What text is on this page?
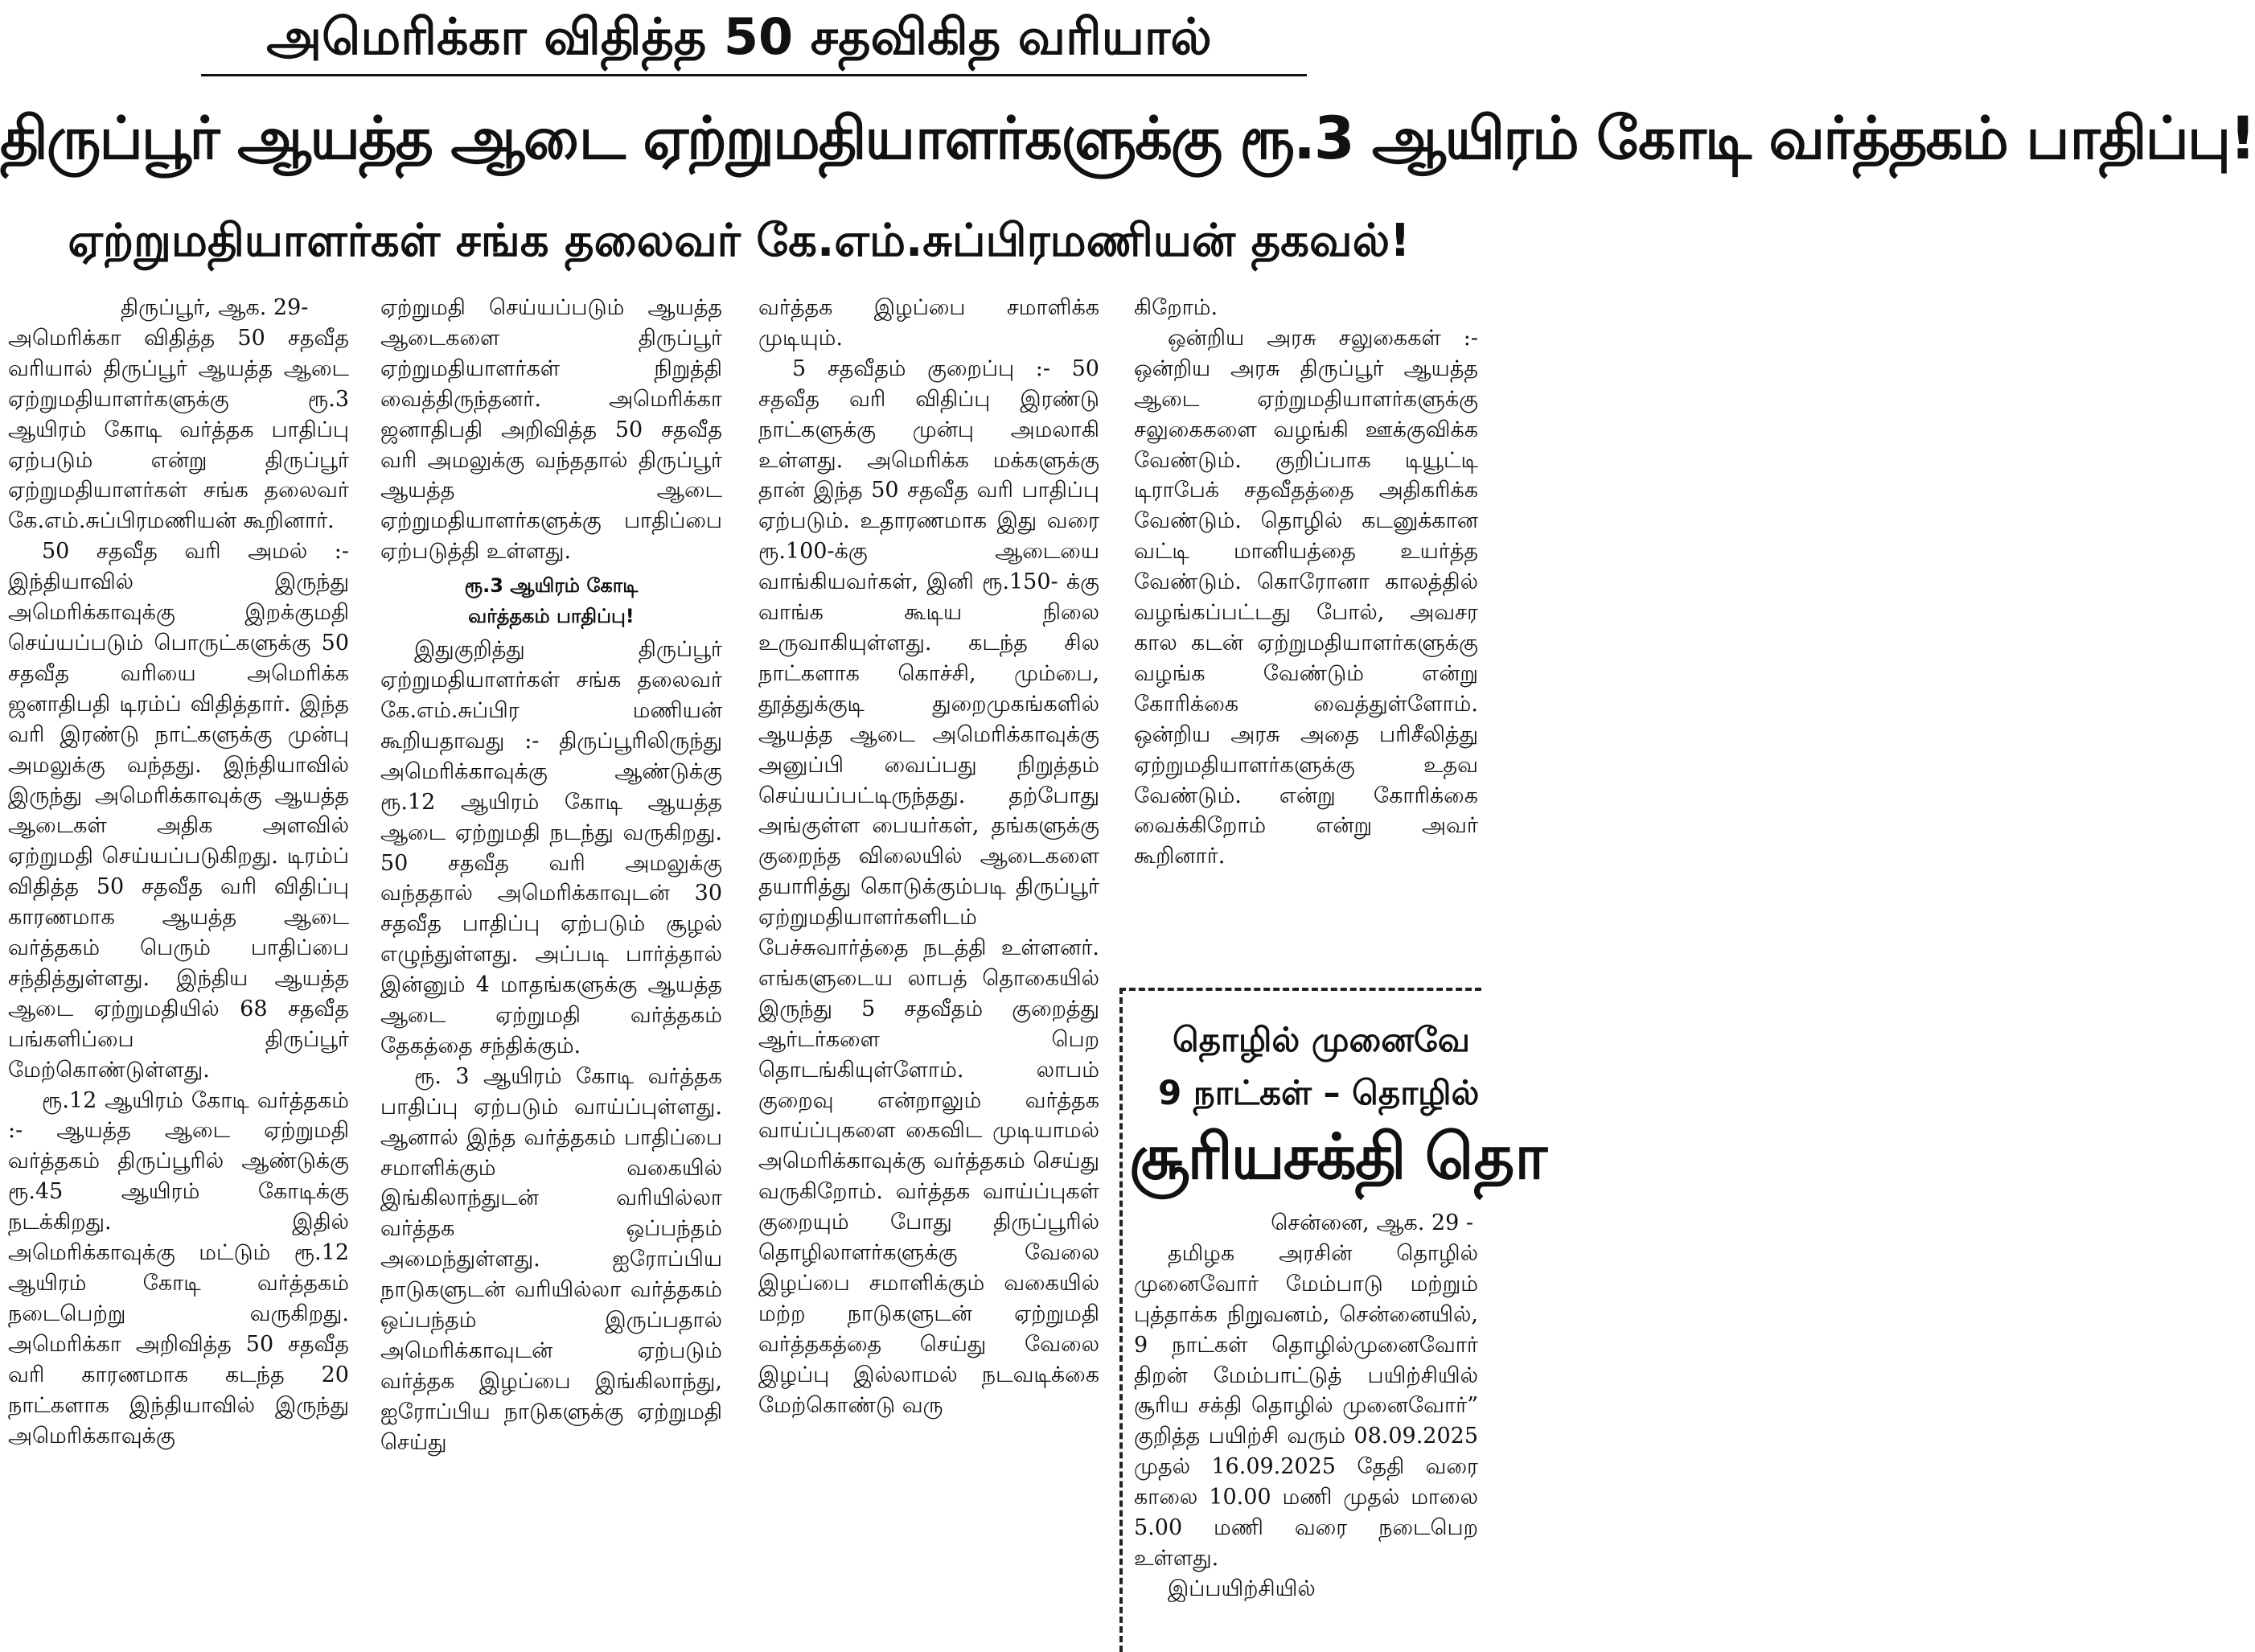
அமெரிக்கா விதித்த 50 சதவிகித வரியால்
திருப்பூர் ஆயத்த ஆடை ஏற்றுமதியாளர்களுக்கு ரூ.3 ஆயிரம் கோடி வர்த்தகம் பாதிப்பு!
ஏற்றுமதியாளர்கள் சங்க தலைவர் கே.எம்.சுப்பிரமணியன் தகவல்!

திருப்பூர், ஆக. 29-
அமெரிக்கா விதித்த 50 சதவீத வரியால் திருப்பூர் ஆயத்த ஆடை ஏற்றுமதியாளர்களுக்கு ரூ.3 ஆயிரம் கோடி வர்த்தக பாதிப்பு ஏற்படும் என்று திருப்பூர் ஏற்றுமதியாளர்கள் சங்க தலைவர் கே.எம்.சுப்பிரமணியன் கூறினார்.

50 சதவீத வரி அமல் :- இந்தியாவில் இருந்து அமெரிக்காவுக்கு இறக்குமதி செய்யப்படும் பொருட்களுக்கு 50 சதவீத வரியை அமெரிக்க ஜனாதிபதி டிரம்ப் விதித்தார். இந்த வரி இரண்டு நாட்களுக்கு முன்பு அமலுக்கு வந்தது. இந்தியாவில் இருந்து அமெரிக்காவுக்கு ஆயத்த ஆடைகள் அதிக அளவில் ஏற்றுமதி செய்யப்படுகிறது. டிரம்ப் விதித்த 50 சதவீத வரி விதிப்பு காரணமாக ஆயத்த ஆடை வர்த்தகம் பெரும் பாதிப்பை சந்தித்துள்ளது. இந்திய ஆயத்த ஆடை ஏற்றுமதியில் 68 சதவீத பங்களிப்பை திருப்பூர் மேற்கொண்டுள்ளது.

ரூ.12 ஆயிரம் கோடி வர்த்தகம் :- ஆயத்த ஆடை ஏற்றுமதி வர்த்தகம் திருப்பூரில் ஆண்டுக்கு ரூ.45 ஆயிரம் கோடிக்கு நடக்கிறது. இதில் அமெரிக்காவுக்கு மட்டும் ரூ.12 ஆயிரம் கோடி வர்த்தகம் நடைபெற்று வருகிறது. அமெரிக்கா அறிவித்த 50 சதவீத வரி காரணமாக கடந்த 20 நாட்களாக இந்தியாவில் இருந்து அமெரிக்காவுக்கு

ஏற்றுமதி செய்யப்படும் ஆயத்த ஆடைகளை திருப்பூர் ஏற்றுமதியாளர்கள் நிறுத்தி வைத்திருந்தனர். அமெரிக்கா ஜனாதிபதி அறிவித்த 50 சதவீத வரி அமலுக்கு வந்ததால் திருப்பூர் ஆயத்த ஆடை ஏற்றுமதியாளர்களுக்கு பாதிப்பை ஏற்படுத்தி உள்ளது.

ரூ.3 ஆயிரம் கோடி
வர்த்தகம் பாதிப்பு!

இதுகுறித்து திருப்பூர் ஏற்றுமதியாளர்கள் சங்க தலைவர் கே.எம்.சுப்பிர மணியன் கூறியதாவது :- திருப்பூரிலிருந்து அமெரிக்காவுக்கு ஆண்டுக்கு ரூ.12 ஆயிரம் கோடி ஆயத்த ஆடை ஏற்றுமதி நடந்து வருகிறது. 50 சதவீத வரி அமலுக்கு வந்ததால் அமெரிக்காவுடன் 30 சதவீத பாதிப்பு ஏற்படும் சூழல் எழுந்துள்ளது. அப்படி பார்த்தால் இன்னும் 4 மாதங்களுக்கு ஆயத்த ஆடை ஏற்றுமதி வர்த்தகம் தேகத்தை சந்திக்கும்.

ரூ. 3 ஆயிரம் கோடி வர்த்தக பாதிப்பு ஏற்படும் வாய்ப்புள்ளது. ஆனால் இந்த வர்த்தகம் பாதிப்பை சமாளிக்கும் வகையில் இங்கிலாந்துடன் வரியில்லா வர்த்தக ஒப்பந்தம் அமைந்துள்ளது. ஐரோப்பிய நாடுகளுடன் வரியில்லா வர்த்தகம் ஒப்பந்தம் இருப்பதால் அமெரிக்காவுடன் ஏற்படும் வர்த்தக இழப்பை இங்கிலாந்து, ஐரோப்பிய நாடுகளுக்கு ஏற்றுமதி செய்து

வர்த்தக இழப்பை சமாளிக்க முடியும்.

5 சதவீதம் குறைப்பு :- 50 சதவீத வரி விதிப்பு இரண்டு நாட்களுக்கு முன்பு அமலாகி உள்ளது. அமெரிக்க மக்களுக்கு தான் இந்த 50 சதவீத வரி பாதிப்பு ஏற்படும். உதாரணமாக இது வரை ரூ.100-க்கு ஆடையை வாங்கியவர்கள், இனி ரூ.150- க்கு வாங்க கூடிய நிலை உருவாகியுள்ளது. கடந்த சில நாட்களாக கொச்சி, மும்பை, தூத்துக்குடி துறைமுகங்களில் ஆயத்த ஆடை அமெரிக்காவுக்கு அனுப்பி வைப்பது நிறுத்தம் செய்யப்பட்டிருந்தது. தற்போது அங்குள்ள பையர்கள், தங்களுக்கு குறைந்த விலையில் ஆடைகளை தயாரித்து கொடுக்கும்படி திருப்பூர் ஏற்றுமதியாளர்களிடம் பேச்சுவார்த்தை நடத்தி உள்ளனர். எங்களுடைய லாபத் தொகையில் இருந்து 5 சதவீதம் குறைத்து ஆர்டர்களை பெற தொடங்கியுள்ளோம். லாபம் குறைவு என்றாலும் வர்த்தக வாய்ப்புகளை கைவிட முடியாமல் அமெரிக்காவுக்கு வர்த்தகம் செய்து வருகிறோம். வர்த்தக வாய்ப்புகள் குறையும் போது திருப்பூரில் தொழிலாளர்களுக்கு வேலை இழப்பை சமாளிக்கும் வகையில் மற்ற நாடுகளுடன் ஏற்றுமதி வர்த்தகத்தை செய்து வேலை இழப்பு இல்லாமல் நடவடிக்கை மேற்கொண்டு வரு

கிறோம்.

ஒன்றிய அரசு சலுகைகள் :- ஒன்றிய அரசு திருப்பூர் ஆயத்த ஆடை ஏற்றுமதியாளர்களுக்கு சலுகைகளை வழங்கி ஊக்குவிக்க வேண்டும். குறிப்பாக டியூட்டி டிராபேக் சதவீதத்தை அதிகரிக்க வேண்டும். தொழில் கடனுக்கான வட்டி மானியத்தை உயர்த்த வேண்டும். கொரோனா காலத்தில் வழங்கப்பட்டது போல், அவசர கால கடன் ஏற்றுமதியாளர்களுக்கு வழங்க வேண்டும் என்று கோரிக்கை வைத்துள்ளோம். ஒன்றிய அரசு அதை பரிசீலித்து ஏற்றுமதியாளர்களுக்கு உதவ வேண்டும். என்று கோரிக்கை வைக்கிறோம் என்று அவர் கூறினார்.

தொழில் முனைவே
9 நாட்கள் – தொழில்
சூரியசக்தி தொ
சென்னை, ஆக. 29 -

தமிழக அரசின் தொழில் முனைவோர் மேம்பாடு மற்றும் புத்தாக்க நிறுவனம், சென்னையில், 9 நாட்கள் தொழில்முனைவோர் திறன் மேம்பாட்டுத் பயிற்சியில் சூரிய சக்தி தொழில் முனைவோர்” குறித்த பயிற்சி வரும் 08.09.2025 முதல் 16.09.2025 தேதி வரை காலை 10.00 மணி முதல் மாலை 5.00 மணி வரை நடைபெற உள்ளது.

இப்பயிற்சியில்
